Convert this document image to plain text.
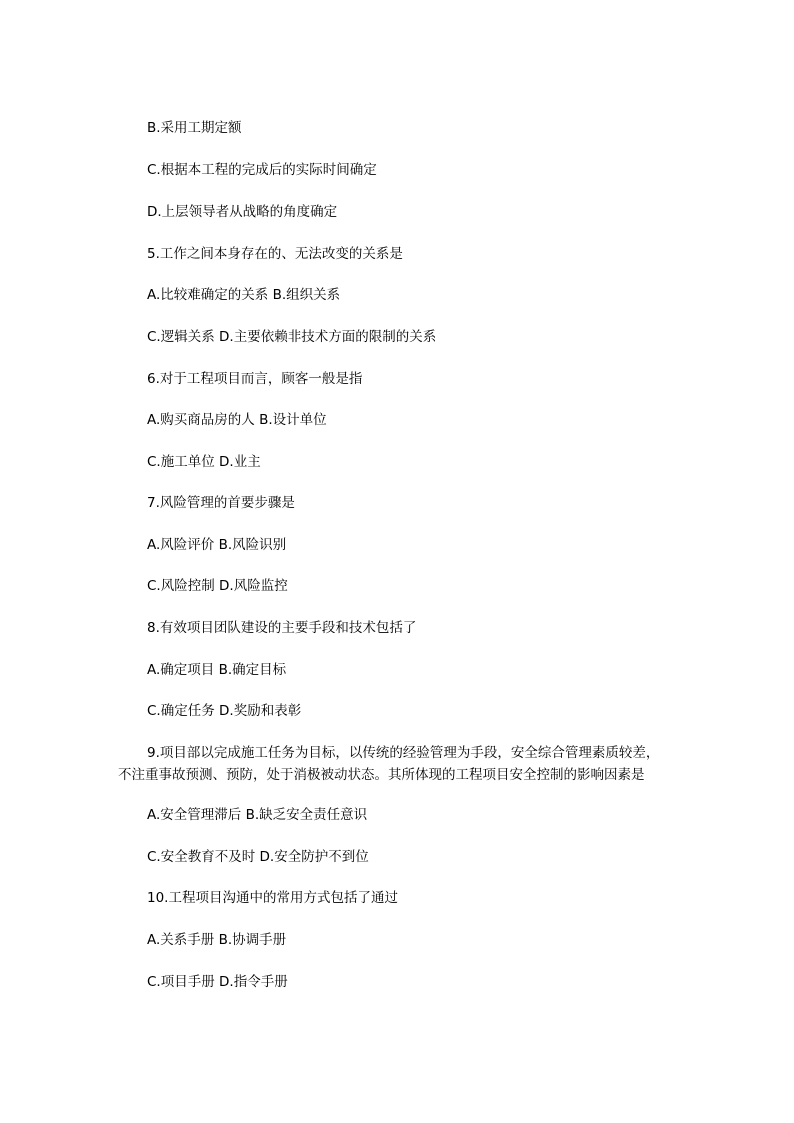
B.采用工期定额
C.根据本工程的完成后的实际时间确定
D.上层领导者从战略的角度确定
5.工作之间本身存在的、无法改变的关系是
A.比较难确定的关系 B.组织关系
C.逻辑关系 D.主要依赖非技术方面的限制的关系
6.对于工程项目而言，顾客一般是指
A.购买商品房的人 B.设计单位
C.施工单位 D.业主
7.风险管理的首要步骤是
A.风险评价 B.风险识别
C.风险控制 D.风险监控
8.有效项目团队建设的主要手段和技术包括了
A.确定项目 B.确定目标
C.确定任务 D.奖励和表彰
9.项目部以完成施工任务为目标，以传统的经验管理为手段，安全综合管理素质较差，
不注重事故预测、预防，处于消极被动状态。其所体现的工程项目安全控制的影响因素是
A.安全管理滞后 B.缺乏安全责任意识
C.安全教育不及时 D.安全防护不到位
10.工程项目沟通中的常用方式包括了通过
A.关系手册 B.协调手册
C.项目手册 D.指令手册
